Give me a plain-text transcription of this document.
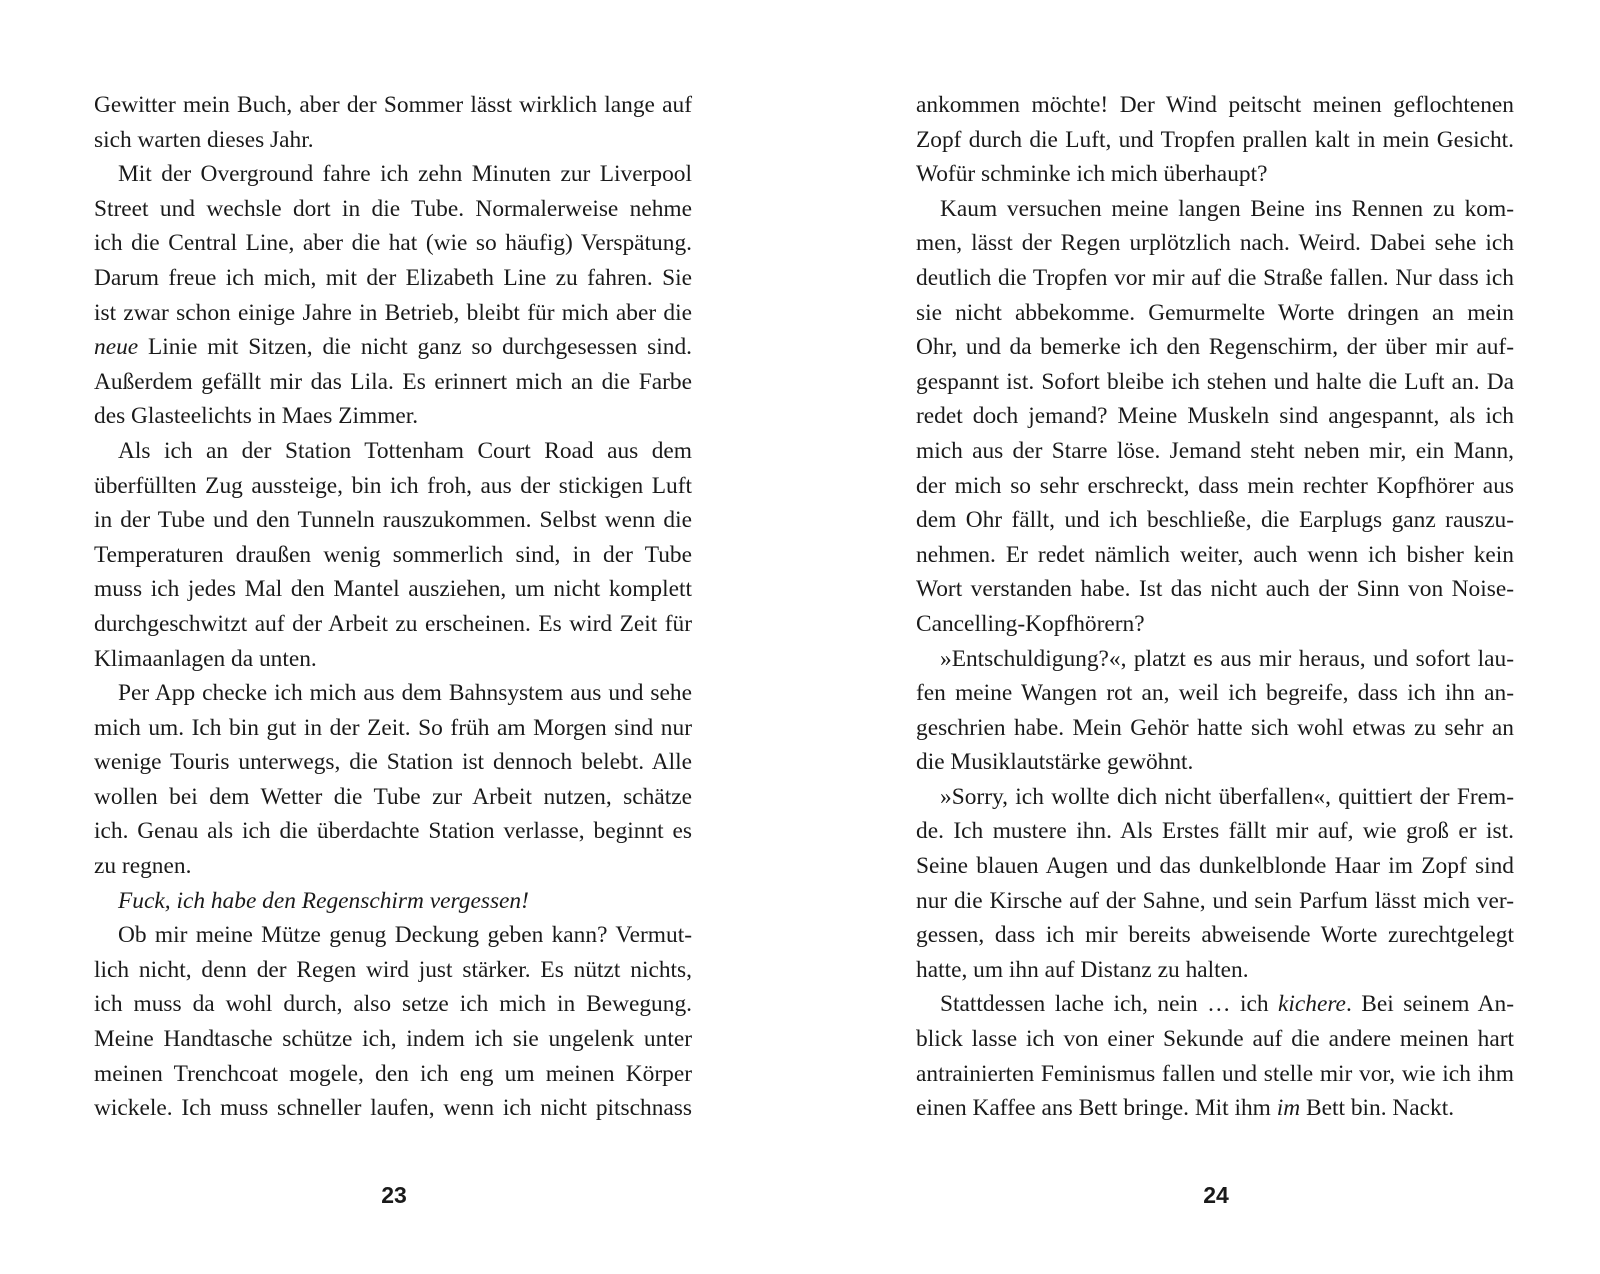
Gewitter mein Buch, aber der Sommer lässt wirklich lange auf
sich warten dieses Jahr.
Mit der Overground fahre ich zehn Minuten zur Liverpool
Street und wechsle dort in die Tube. Normalerweise nehme
ich die Central Line, aber die hat (wie so häufig) Verspätung.
Darum freue ich mich, mit der Elizabeth Line zu fahren. Sie
ist zwar schon einige Jahre in Betrieb, bleibt für mich aber die
neue Linie mit Sitzen, die nicht ganz so durchgesessen sind.
Außerdem gefällt mir das Lila. Es erinnert mich an die Farbe
des Glasteelichts in Maes Zimmer.
Als ich an der Station Tottenham Court Road aus dem
überfüllten Zug aussteige, bin ich froh, aus der stickigen Luft
in der Tube und den Tunneln rauszukommen. Selbst wenn die
Temperaturen draußen wenig sommerlich sind, in der Tube
muss ich jedes Mal den Mantel ausziehen, um nicht komplett
durchgeschwitzt auf der Arbeit zu erscheinen. Es wird Zeit für
Klimaanlagen da unten.
Per App checke ich mich aus dem Bahnsystem aus und sehe
mich um. Ich bin gut in der Zeit. So früh am Morgen sind nur
wenige Touris unterwegs, die Station ist dennoch belebt. Alle
wollen bei dem Wetter die Tube zur Arbeit nutzen, schätze
ich. Genau als ich die überdachte Station verlasse, beginnt es
zu regnen.
Fuck, ich habe den Regenschirm vergessen!
Ob mir meine Mütze genug Deckung geben kann? Vermut-
lich nicht, denn der Regen wird just stärker. Es nützt nichts,
ich muss da wohl durch, also setze ich mich in Bewegung.
Meine Handtasche schütze ich, indem ich sie ungelenk unter
meinen Trenchcoat mogele, den ich eng um meinen Körper
wickele. Ich muss schneller laufen, wenn ich nicht pitschnass
23
ankommen möchte! Der Wind peitscht meinen geflochtenen
Zopf durch die Luft, und Tropfen prallen kalt in mein Gesicht.
Wofür schminke ich mich überhaupt?
Kaum versuchen meine langen Beine ins Rennen zu kom-
men, lässt der Regen urplötzlich nach. Weird. Dabei sehe ich
deutlich die Tropfen vor mir auf die Straße fallen. Nur dass ich
sie nicht abbekomme. Gemurmelte Worte dringen an mein
Ohr, und da bemerke ich den Regenschirm, der über mir auf-
gespannt ist. Sofort bleibe ich stehen und halte die Luft an. Da
redet doch jemand? Meine Muskeln sind angespannt, als ich
mich aus der Starre löse. Jemand steht neben mir, ein Mann,
der mich so sehr erschreckt, dass mein rechter Kopfhörer aus
dem Ohr fällt, und ich beschließe, die Earplugs ganz rauszu-
nehmen. Er redet nämlich weiter, auch wenn ich bisher kein
Wort verstanden habe. Ist das nicht auch der Sinn von Noise-
Cancelling-Kopfhörern?
»Entschuldigung?«, platzt es aus mir heraus, und sofort lau-
fen meine Wangen rot an, weil ich begreife, dass ich ihn an-
geschrien habe. Mein Gehör hatte sich wohl etwas zu sehr an
die Musiklautstärke gewöhnt.
»Sorry, ich wollte dich nicht überfallen«, quittiert der Frem-
de. Ich mustere ihn. Als Erstes fällt mir auf, wie groß er ist.
Seine blauen Augen und das dunkelblonde Haar im Zopf sind
nur die Kirsche auf der Sahne, und sein Parfum lässt mich ver-
gessen, dass ich mir bereits abweisende Worte zurechtgelegt
hatte, um ihn auf Distanz zu halten.
Stattdessen lache ich, nein … ich kichere. Bei seinem An-
blick lasse ich von einer Sekunde auf die andere meinen hart
antrainierten Feminismus fallen und stelle mir vor, wie ich ihm
einen Kaffee ans Bett bringe. Mit ihm im Bett bin. Nackt.
24
